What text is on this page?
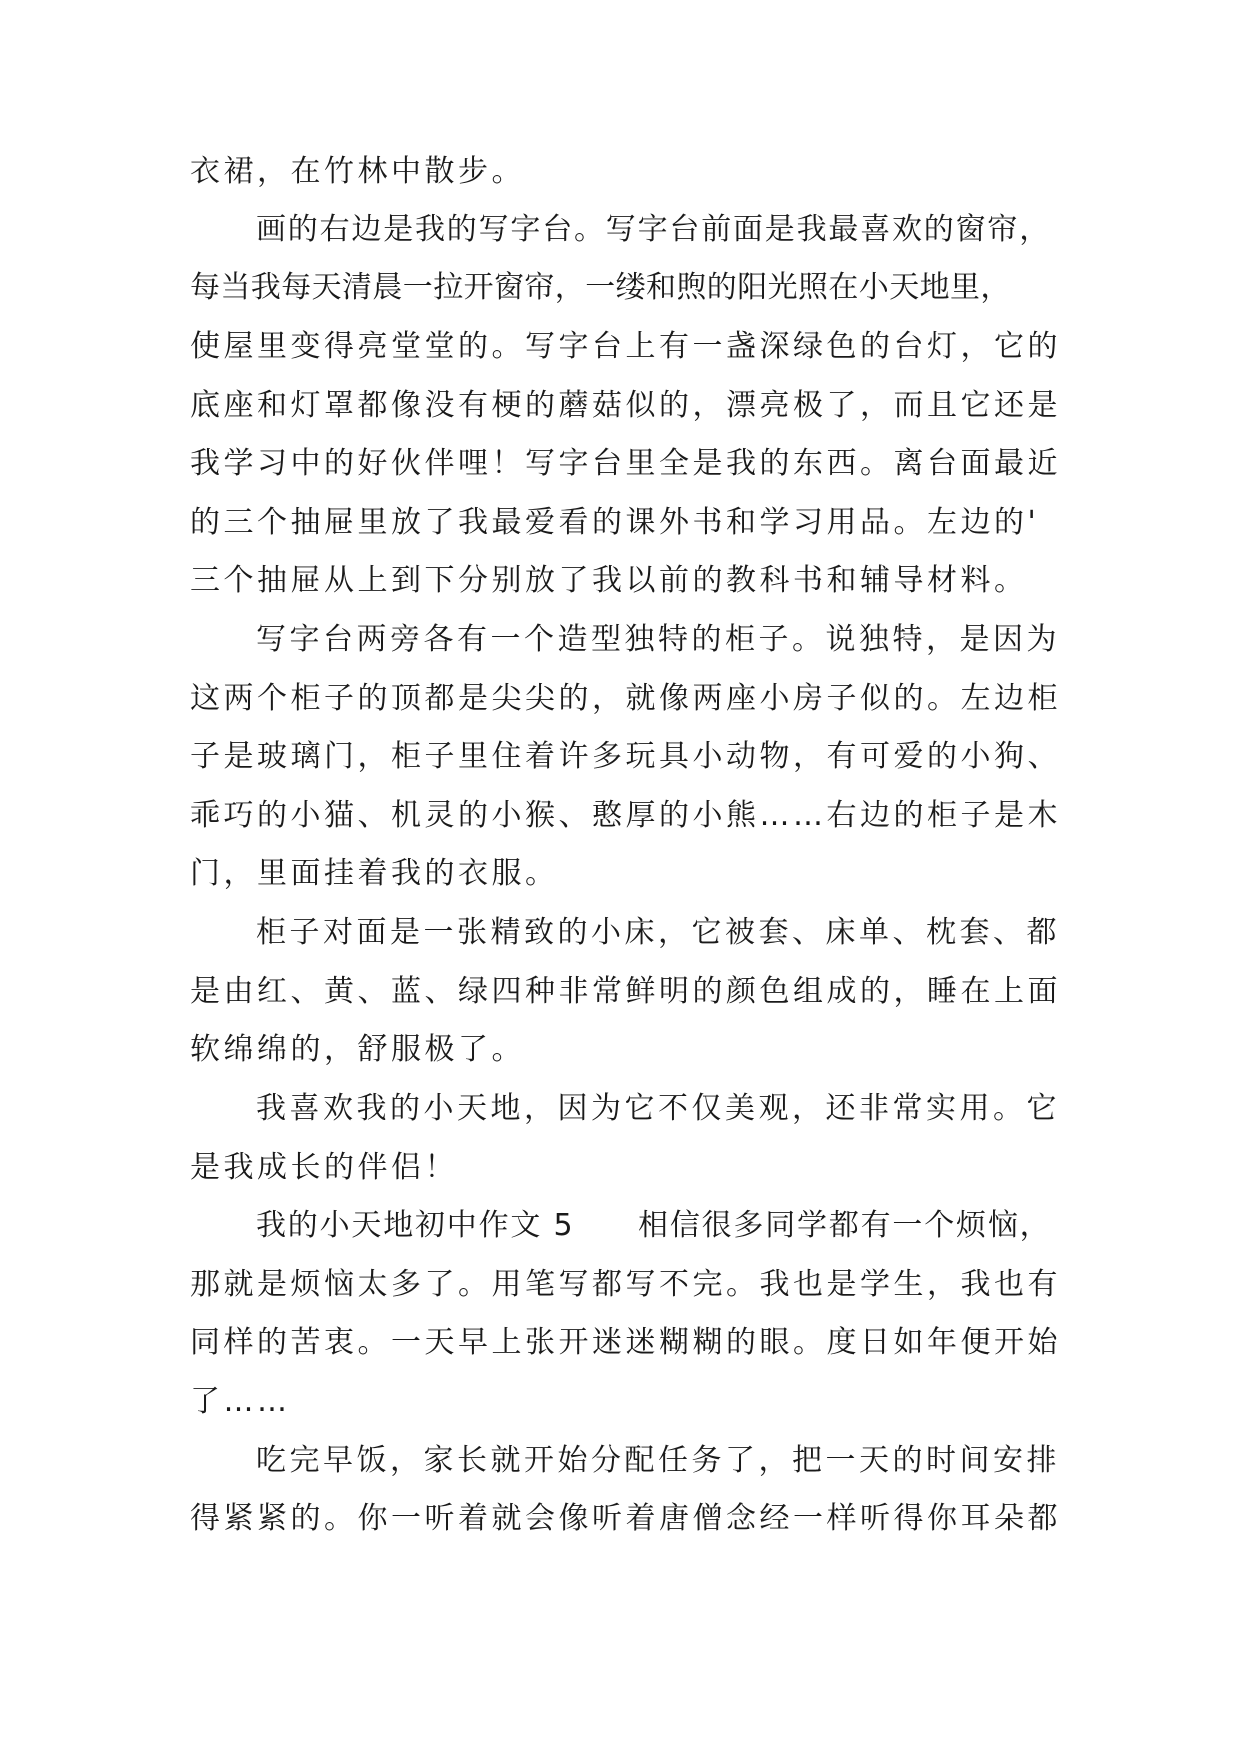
衣裙，在竹林中散步。
画的右边是我的写字台。写字台前面是我最喜欢的窗帘，
每当我每天清晨一拉开窗帘，一缕和煦的阳光照在小天地里，
使屋里变得亮堂堂的。写字台上有一盏深绿色的台灯，它的
底座和灯罩都像没有梗的蘑菇似的，漂亮极了，而且它还是
我学习中的好伙伴哩！写字台里全是我的东西。离台面最近
的三个抽屉里放了我最爱看的课外书和学习用品。左边的'
三个抽屉从上到下分别放了我以前的教科书和辅导材料。
写字台两旁各有一个造型独特的柜子。说独特，是因为
这两个柜子的顶都是尖尖的，就像两座小房子似的。左边柜
子是玻璃门，柜子里住着许多玩具小动物，有可爱的小狗、
乖巧的小猫、机灵的小猴、憨厚的小熊……右边的柜子是木
门，里面挂着我的衣服。
柜子对面是一张精致的小床，它被套、床单、枕套、都
是由红、黄、蓝、绿四种非常鲜明的颜色组成的，睡在上面
软绵绵的，舒服极了。
我喜欢我的小天地，因为它不仅美观，还非常实用。它
是我成长的伴侣！
我的小天地初中作文 5　　相信很多同学都有一个烦恼，
那就是烦恼太多了。用笔写都写不完。我也是学生，我也有
同样的苦衷。一天早上张开迷迷糊糊的眼。度日如年便开始
了……
吃完早饭，家长就开始分配任务了，把一天的时间安排
得紧紧的。你一听着就会像听着唐僧念经一样听得你耳朵都
